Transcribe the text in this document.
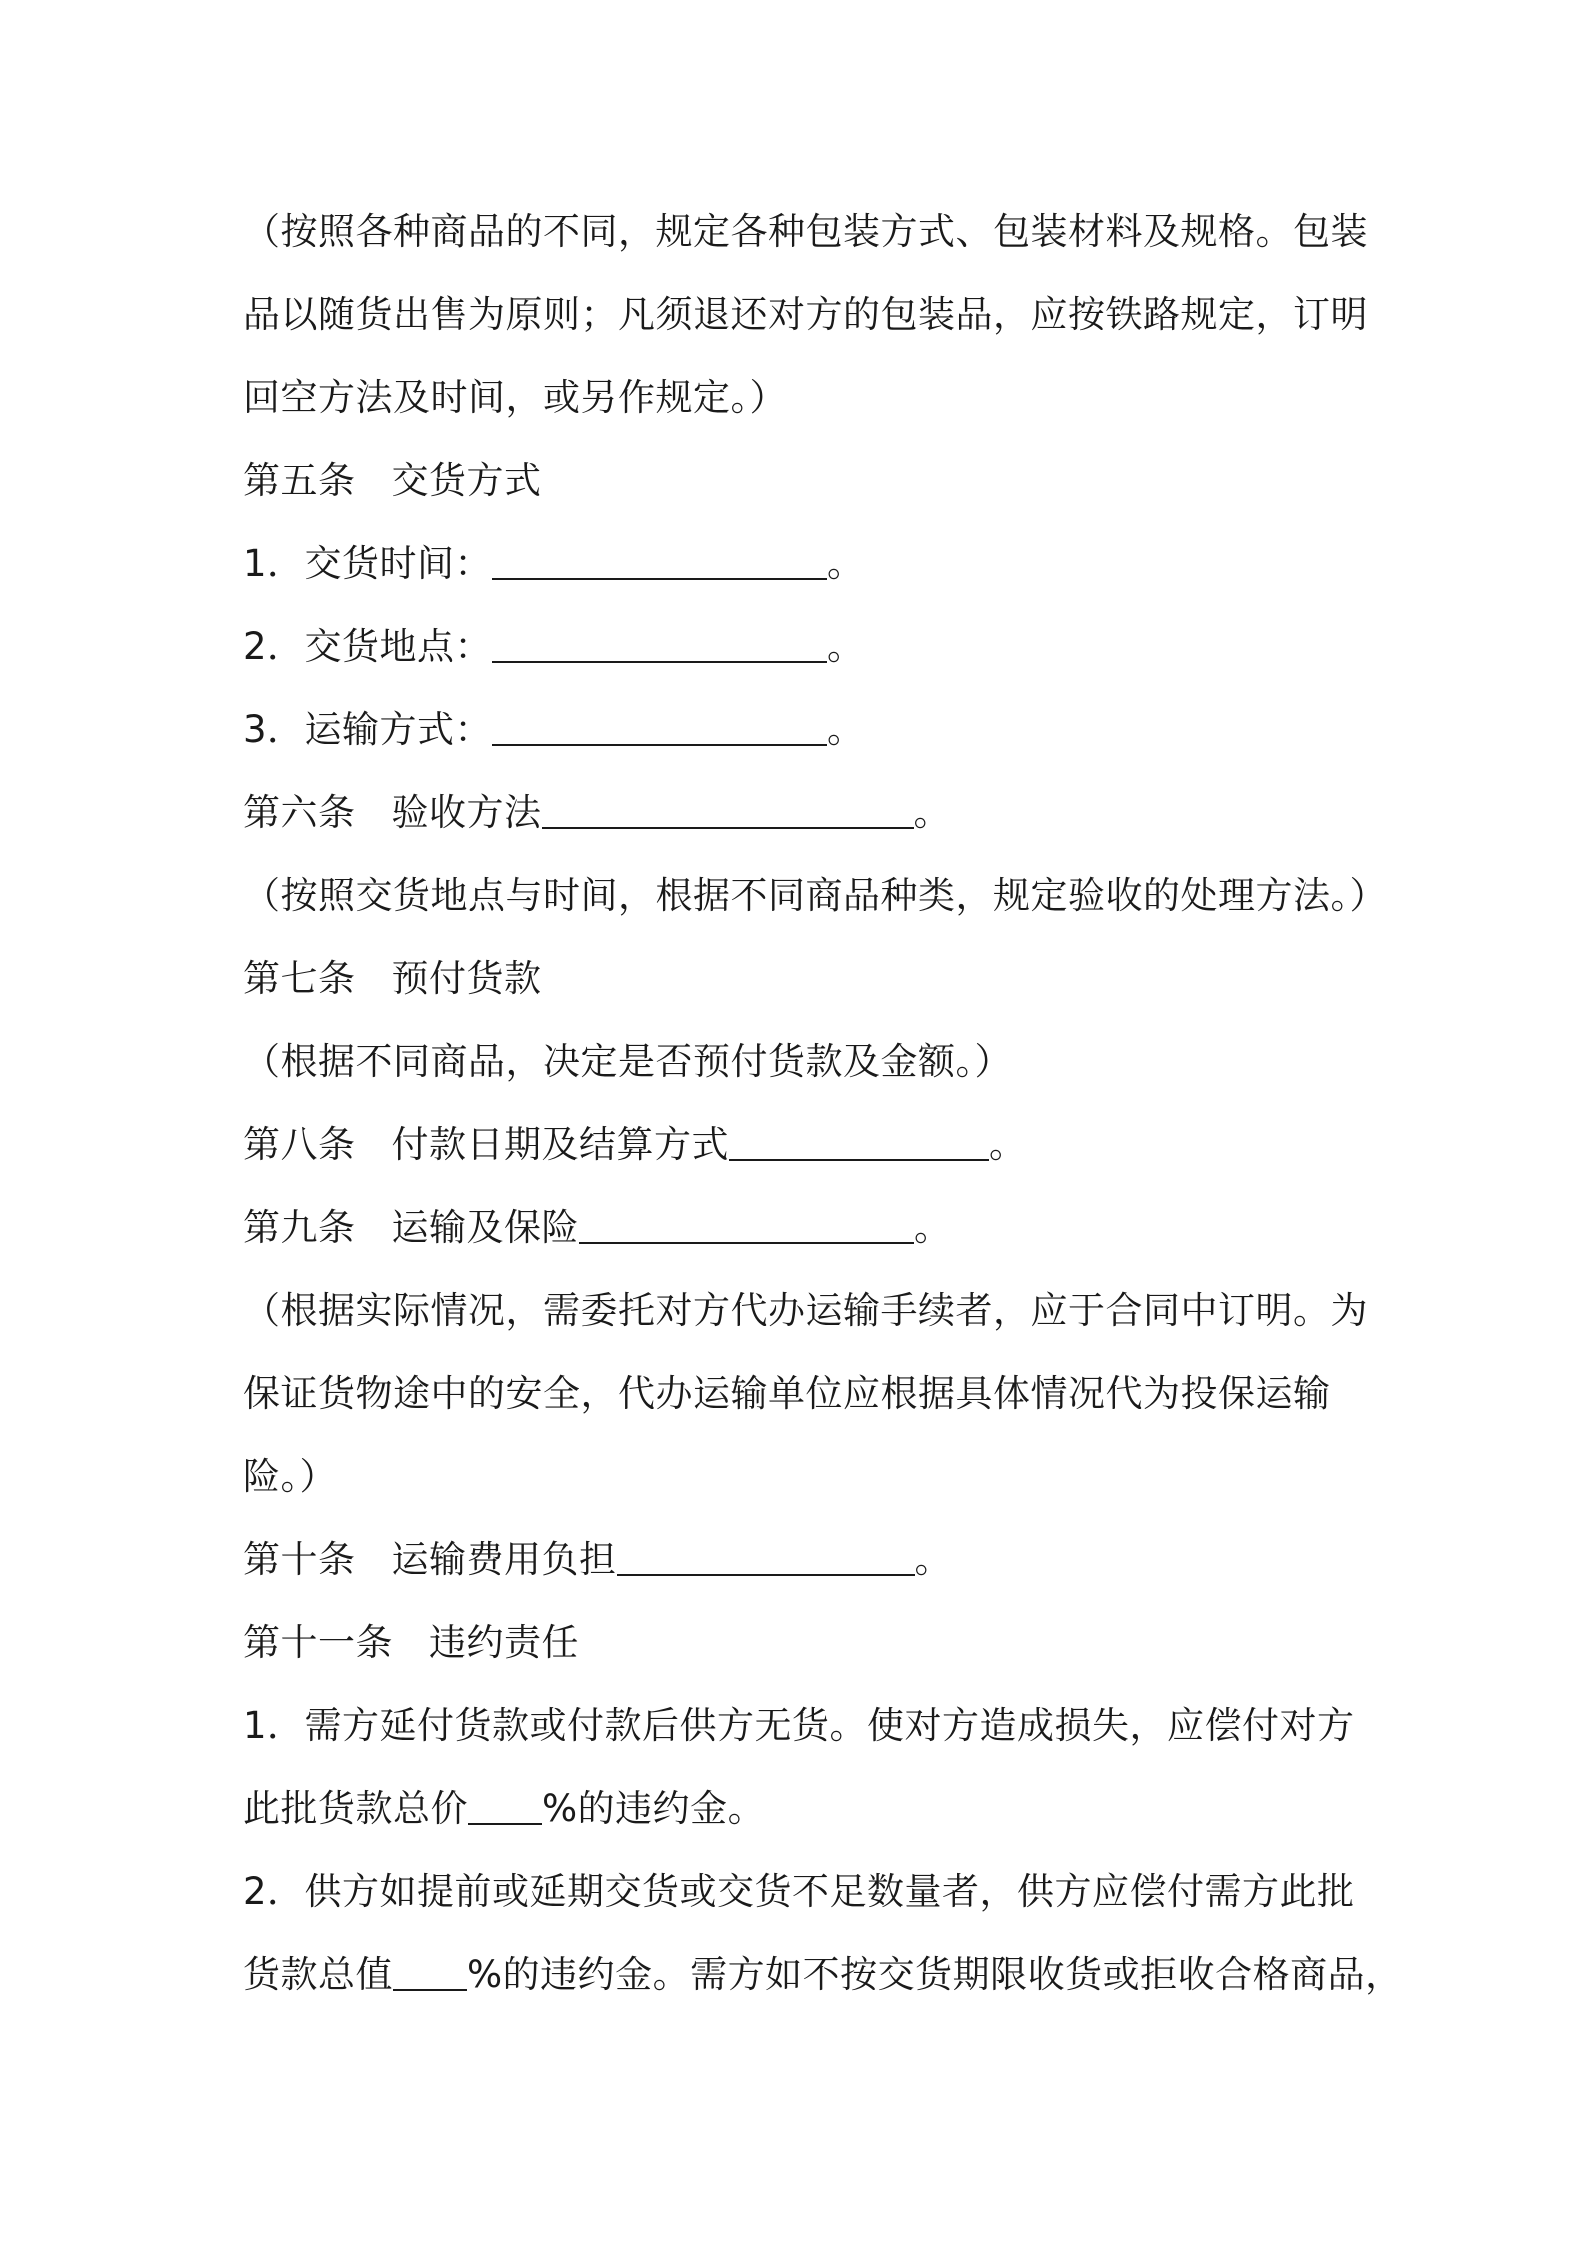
（按照各种商品的不同，规定各种包装方式、包装材料及规格。包装
品以随货出售为原则；凡须退还对方的包装品，应按铁路规定，订明
回空方法及时间，或另作规定。）
第五条 交货方式
1．交货时间：	。
2．交货地点：	。
3．运输方式：	。
第六条 验收方法	。
（按照交货地点与时间，根据不同商品种类，规定验收的处理方法。）
第七条 预付货款
（根据不同商品，决定是否预付货款及金额。）
第八条 付款日期及结算方式	。
第九条 运输及保险	。
（根据实际情况，需委托对方代办运输手续者，应于合同中订明。为
保证货物途中的安全，代办运输单位应根据具体情况代为投保运输
险。）
第十条 运输费用负担	。
第十一条 违约责任
1．需方延付货款或付款后供方无货。使对方造成损失，应偿付对方
此批货款总价 %的违约金。
2．供方如提前或延期交货或交货不足数量者，供方应偿付需方此批
货款总值 %的违约金。需方如不按交货期限收货或拒收合格商品，
